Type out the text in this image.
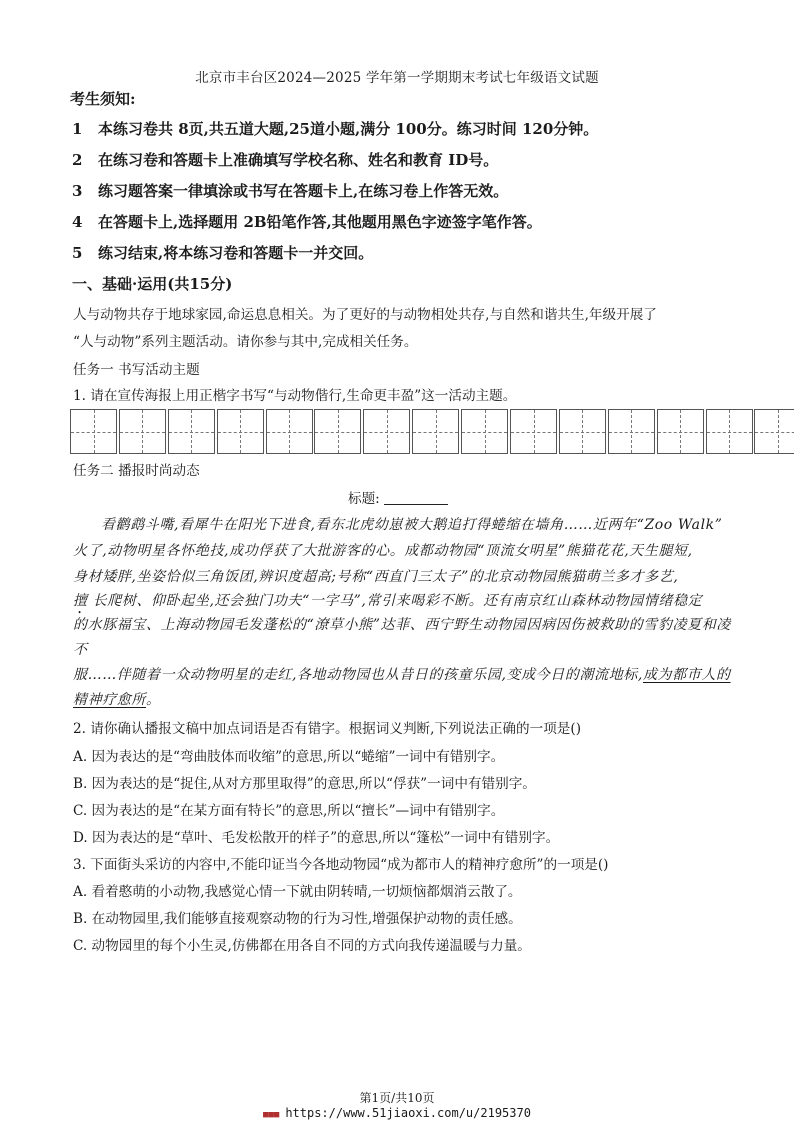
北京市丰台区2024—2025 学年第一学期期末考试七年级语文试题
考生须知:
1 本练习卷共 8页,共五道大题,25道小题,满分 100分。练习时间 120分钟。
2 在练习卷和答题卡上准确填写学校名称、姓名和教育 ID号。
3 练习题答案一律填涂或书写在答题卡上,在练习卷上作答无效。
4 在答题卡上,选择题用 2B铅笔作答,其他题用黑色字迹签字笔作答。
5 练习结束,将本练习卷和答题卡一并交回。
一、基础·运用(共15分)
人与动物共存于地球家园,命运息息相关。为了更好的与动物相处共存,与自然和谐共生,年级开展了
“人与动物”系列主题活动。请你参与其中,完成相关任务。
任务一 书写活动主题
1. 请在宣传海报上用正楷字书写“与动物偕行,生命更丰盈”这一活动主题。
任务二 播报时尚动态
标题:
看鹳鹉斗嘴,看犀牛在阳光下进食,看东北虎幼崽被大鹅追打得蜷缩在墙角……近两年“Zoo Walk”
火了,动物明星各怀绝技,成功俘获了大批游客的心。成都动物园“顶流女明星”熊猫花花,天生腿短,
身材矮胖,坐姿恰似三角饭团,辨识度超高;号称“西直门三太子”的北京动物园熊猫萌兰多才多艺,
擅 长爬树、仰卧起坐,还会独门功夫“一字马”,常引来喝彩不断。还有南京红山森林动物园情绪稳定
的水豚福宝、上海动物园毛发蓬松的“潦草小熊”达菲、西宁野生动物园因病因伤被救助的雪豹凌夏和凌
不
服……伴随着一众动物明星的走红,各地动物园也从昔日的孩童乐园,变成今日的潮流地标,成为都市人的
精神疗愈所。
2. 请你确认播报文稿中加点词语是否有错字。根据词义判断,下列说法正确的一项是()
A. 因为表达的是“弯曲肢体而收缩”的意思,所以“蜷缩”一词中有错别字。
B. 因为表达的是“捉住,从对方那里取得”的意思,所以“俘获”一词中有错别字。
C. 因为表达的是“在某方面有特长”的意思,所以“擅长”—词中有错别字。
D. 因为表达的是“草叶、毛发松散开的样子”的意思,所以“篷松”一词中有错别字。
3. 下面街头采访的内容中,不能印证当今各地动物园“成为都市人的精神疗愈所”的一项是()
A. 看着憨萌的小动物,我感觉心情一下就由阴转晴,一切烦恼都烟消云散了。
B. 在动物园里,我们能够直接观察动物的行为习性,增强保护动物的责任感。
C. 动物园里的每个小生灵,仿佛都在用各自不同的方式向我传递温暖与力量。
第1页/共10页
■■■ https://www.51jiaoxi.com/u/2195370
